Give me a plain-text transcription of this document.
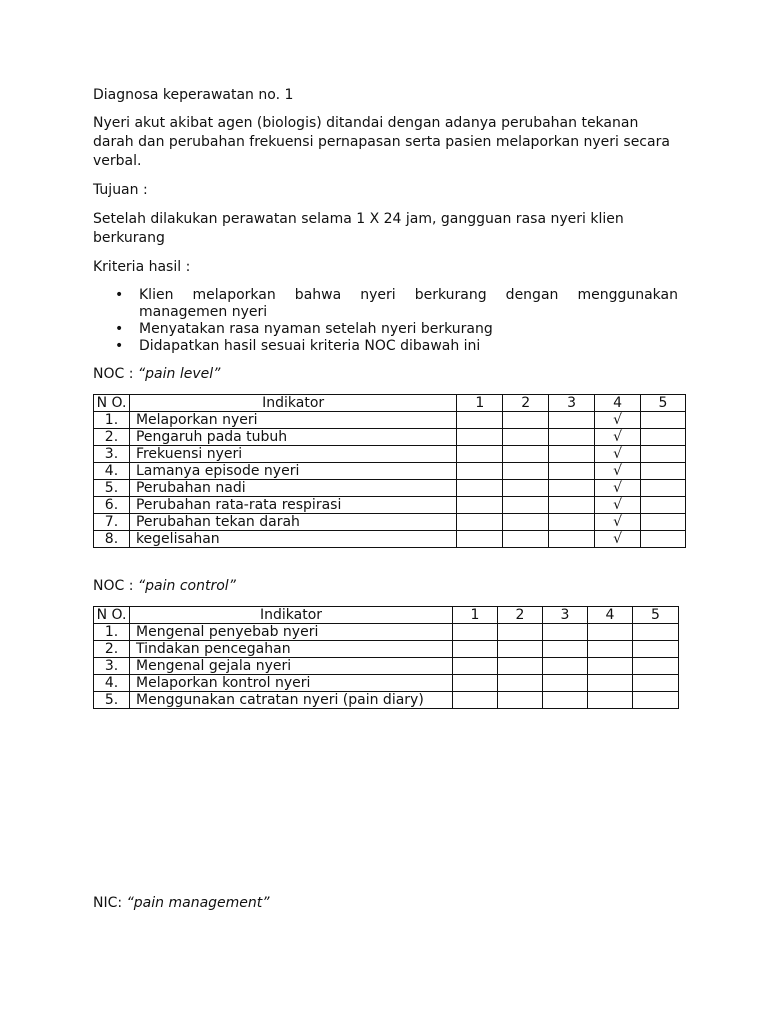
Diagnosa keperawatan no. 1

Nyeri akut akibat agen (biologis) ditandai dengan adanya perubahan tekanan darah dan perubahan frekuensi pernapasan serta pasien melaporkan nyeri secara verbal.

Tujuan :

Setelah dilakukan perawatan selama 1 X 24 jam, gangguan rasa nyeri klien berkurang

Kriteria hasil :

• Klien melaporkan bahwa nyeri berkurang dengan menggunakan managemen nyeri
• Menyatakan rasa nyaman setelah nyeri berkurang
• Didapatkan hasil sesuai kriteria NOC dibawah ini

NOC : “pain level”

N O.	Indikator	1	2	3	4	5
1.	Melaporkan nyeri				√	
2.	Pengaruh pada tubuh				√	
3.	Frekuensi nyeri				√	
4.	Lamanya episode nyeri				√	
5.	Perubahan nadi				√	
6.	Perubahan rata-rata respirasi				√	
7.	Perubahan tekan darah				√	
8.	kegelisahan				√	

NOC : “pain control”

N O.	Indikator	1	2	3	4	5
1.	Mengenal penyebab nyeri					
2.	Tindakan pencegahan					
3.	Mengenal gejala nyeri					
4.	Melaporkan kontrol nyeri					
5.	Menggunakan catratan nyeri (pain diary)					

NIC: “pain management”
